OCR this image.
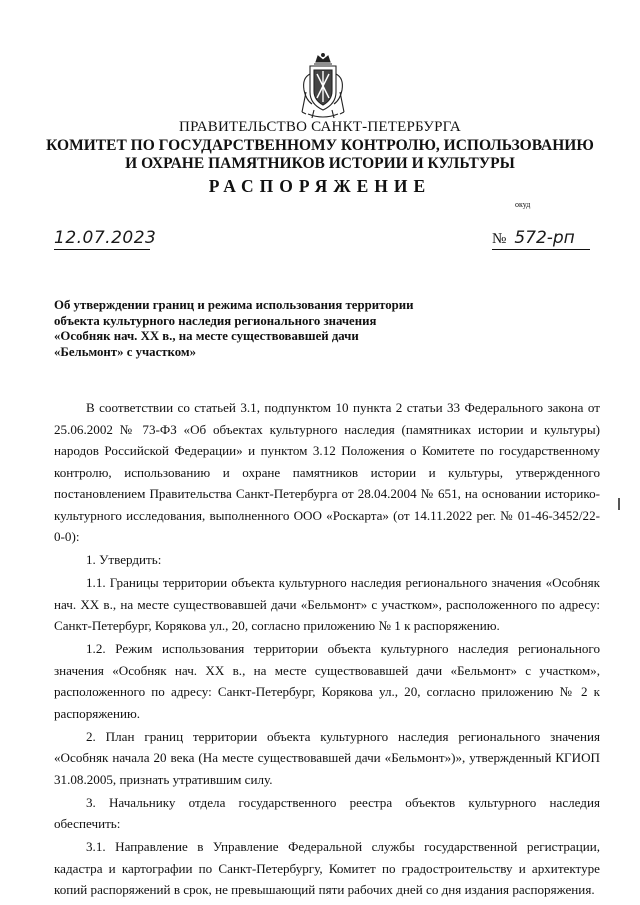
ПРАВИТЕЛЬСТВО САНКТ-ПЕТЕРБУРГА
КОМИТЕТ ПО ГОСУДАРСТВЕННОМУ КОНТРОЛЮ, ИСПОЛЬЗОВАНИЮ
И ОХРАНЕ ПАМЯТНИКОВ ИСТОРИИ И КУЛЬТУРЫ
РАСПОРЯЖЕНИЕ
окуд
12.07.2023	№ 572-рп
Об утверждении границ и режима использования территории
объекта культурного наследия регионального значения
«Особняк нач. XX в., на месте существовавшей дачи
«Бельмонт» с участком»

В соответствии со статьей 3.1, подпунктом 10 пункта 2 статьи 33 Федерального закона от 25.06.2002 № 73-ФЗ «Об объектах культурного наследия (памятниках истории и культуры) народов Российской Федерации» и пунктом 3.12 Положения о Комитете по государственному контролю, использованию и охране памятников истории и культуры, утвержденного постановлением Правительства Санкт-Петербурга от 28.04.2004 № 651, на основании историко-культурного исследования, выполненного ООО «Роскарта» (от 14.11.2022 рег. № 01-46-3452/22-0-0):

1. Утвердить:

1.1. Границы территории объекта культурного наследия регионального значения «Особняк нач. XX в., на месте существовавшей дачи «Бельмонт» с участком», расположенного по адресу: Санкт-Петербург, Корякова ул., 20, согласно приложению № 1 к распоряжению.

1.2. Режим использования территории объекта культурного наследия регионального значения «Особняк нач. XX в., на месте существовавшей дачи «Бельмонт» с участком», расположенного по адресу: Санкт-Петербург, Корякова ул., 20, согласно приложению № 2 к распоряжению.

2. План границ территории объекта культурного наследия регионального значения «Особняк начала 20 века (На месте существовавшей дачи «Бельмонт»)», утвержденный КГИОП 31.08.2005, признать утратившим силу.

3. Начальнику отдела государственного реестра объектов культурного наследия обеспечить:

3.1. Направление в Управление Федеральной службы государственной регистрации, кадастра и картографии по Санкт-Петербургу, Комитет по градостроительству и архитектуре копий распоряжений в срок, не превышающий пяти рабочих дней со дня издания распоряжения.
